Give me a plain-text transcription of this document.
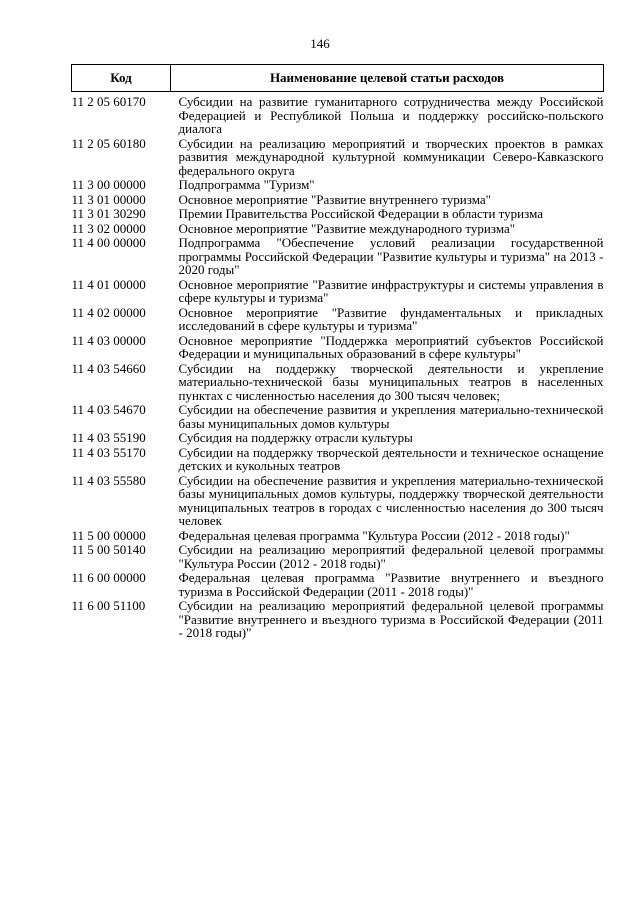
146
Код	Наименование целевой статьи расходов
11 2 05 60170	Субсидии на развитие гуманитарного сотрудничества между Российской Федерацией и Республикой Польша и поддержку российско-польского диалога
11 2 05 60180	Субсидии на реализацию мероприятий и творческих проектов в рамках развития международной культурной коммуникации Северо-Кавказского федерального округа
11 3 00 00000	Подпрограмма "Туризм"
11 3 01 00000	Основное мероприятие "Развитие внутреннего туризма"
11 3 01 30290	Премии Правительства Российской Федерации в области туризма
11 3 02 00000	Основное мероприятие "Развитие международного туризма"
11 4 00 00000	Подпрограмма "Обеспечение условий реализации государственной программы Российской Федерации "Развитие культуры и туризма" на 2013 - 2020 годы"
11 4 01 00000	Основное мероприятие "Развитие инфраструктуры и системы управления в сфере культуры и туризма"
11 4 02 00000	Основное мероприятие "Развитие фундаментальных и прикладных исследований в сфере культуры и туризма"
11 4 03 00000	Основное мероприятие "Поддержка мероприятий субъектов Российской Федерации и муниципальных образований в сфере культуры"
11 4 03 54660	Субсидии на поддержку творческой деятельности и укрепление материально-технической базы муниципальных театров в населенных пунктах с численностью населения до 300 тысяч человек;
11 4 03 54670	Субсидии на обеспечение развития и укрепления материально-технической базы муниципальных домов культуры
11 4 03 55190	Субсидия на поддержку отрасли культуры
11 4 03 55170	Субсидии на поддержку творческой деятельности и техническое оснащение детских и кукольных театров
11 4 03 55580	Субсидии на обеспечение развития и укрепления материально-технической базы муниципальных домов культуры, поддержку творческой деятельности муниципальных театров в городах с численностью населения до 300 тысяч человек
11 5 00 00000	Федеральная целевая программа "Культура России (2012 - 2018 годы)"
11 5 00 50140	Субсидии на реализацию мероприятий федеральной целевой программы "Культура России (2012 - 2018 годы)"
11 6 00 00000	Федеральная целевая программа "Развитие внутреннего и въездного туризма в Российской Федерации (2011 - 2018 годы)"
11 6 00 51100	Субсидии на реализацию мероприятий федеральной целевой программы "Развитие внутреннего и въездного туризма в Российской Федерации (2011 - 2018 годы)"
